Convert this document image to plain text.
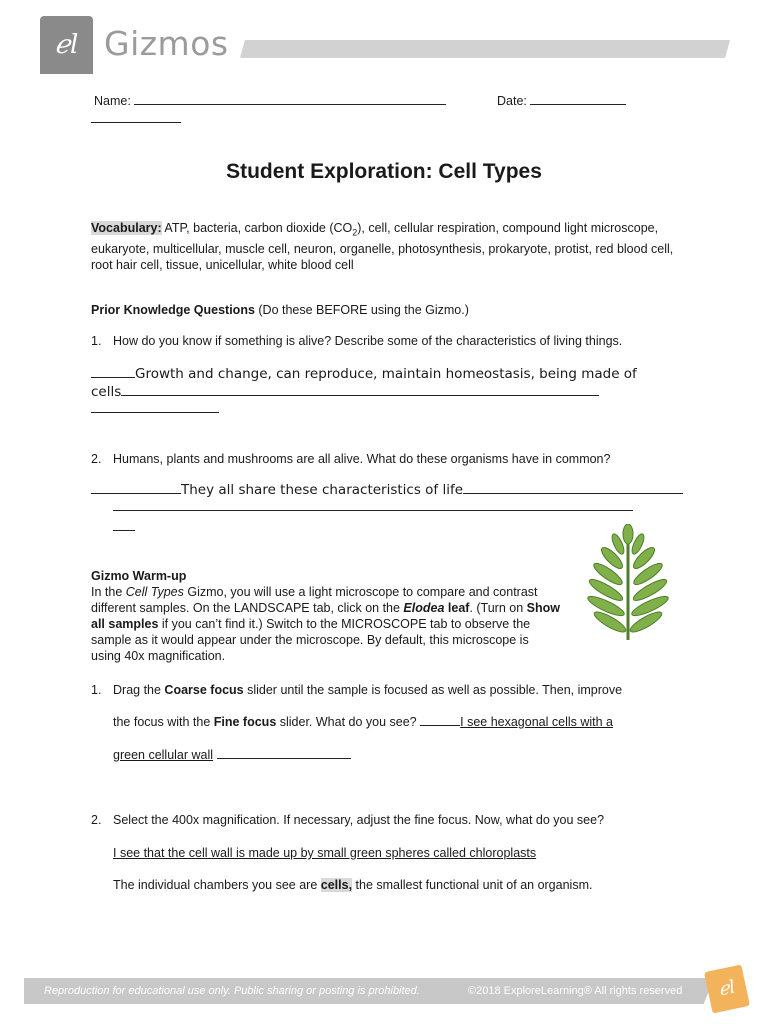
ℯl Gizmos
Name:	Date:
Student Exploration: Cell Types
Vocabulary: ATP, bacteria, carbon dioxide $(CO_2)$, cell, cellular respiration, compound light microscope, eukaryote, multicellular, muscle cell, neuron, organelle, photosynthesis, prokaryote, protist, red blood cell, root hair cell, tissue, unicellular, white blood cell
Prior Knowledge Questions (Do these BEFORE using the Gizmo.)
1. How do you know if something is alive? Describe some of the characteristics of living things.
Growth and change, can reproduce, maintain homeostasis, being made of
cells
2. Humans, plants and mushrooms are all alive. What do these organisms have in common?
They all share these characteristics of life
Gizmo Warm-up
In the Cell Types Gizmo, you will use a light microscope to compare and contrast different samples. On the LANDSCAPE tab, click on the Elodea leaf. (Turn on Show all samples if you can’t find it.) Switch to the MICROSCOPE tab to observe the sample as it would appear under the microscope. By default, this microscope is using 40x magnification.
1. Drag the Coarse focus slider until the sample is focused as well as possible. Then, improve
the focus with the Fine focus slider. What do you see?	I see hexagonal cells with a
green cellular wall
2. Select the 400x magnification. If necessary, adjust the fine focus. Now, what do you see?
I see that the cell wall is made up by small green spheres called chloroplasts
The individual chambers you see are cells, the smallest functional unit of an organism.
Reproduction for educational use only. Public sharing or posting is prohibited.	©2018 ExploreLearning® All rights reserved	ℯl
